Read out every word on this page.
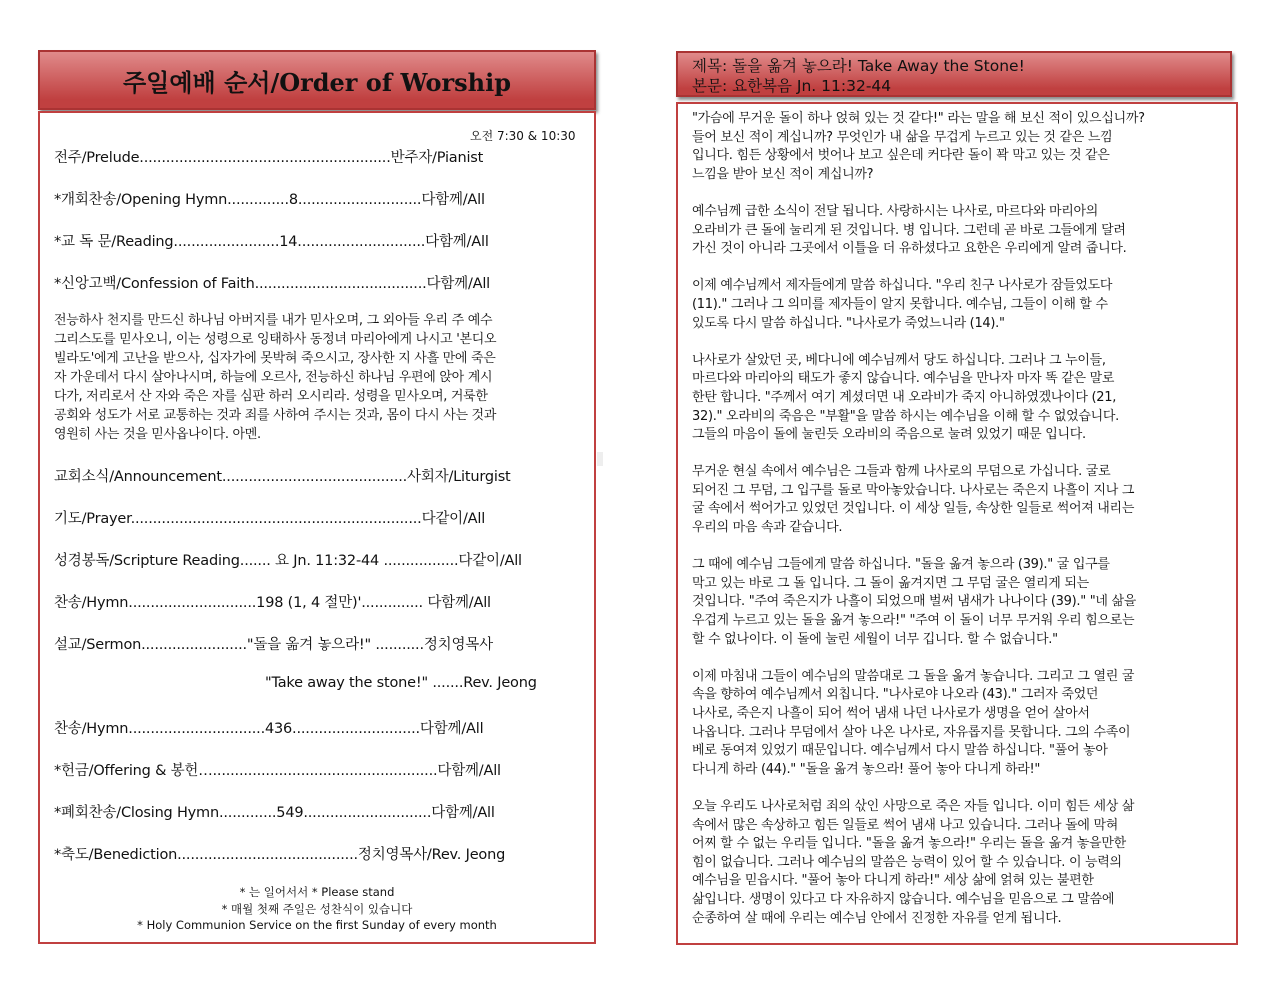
주일예배 순서/Order of Worship
오전 7:30 & 10:30
전주/Prelude.........................................................반주자/Pianist
*개회찬송/Opening Hymn..............8............................다함께/All
*교 독 문/Reading........................14.............................다함께/All
*신앙고백/Confession of Faith.......................................다함께/All

전능하사 천지를 만드신 하나님 아버지를 내가 믿사오며, 그 외아들 우리 주 예수

그리스도를 믿사오니, 이는 성령으로 잉태하사 동정녀 마리아에게 나시고 '본디오

빌라도'에게 고난을 받으사, 십자가에 못박혀 죽으시고, 장사한 지 사흘 만에 죽은

자 가운데서 다시 살아나시며, 하늘에 오르사, 전능하신 하나님 우편에 앉아 계시

다가, 저리로서 산 자와 죽은 자를 심판 하러 오시리라. 성령을 믿사오며, 거룩한

공회와 성도가 서로 교통하는 것과 죄를 사하여 주시는 것과, 몸이 다시 사는 것과

영원히 사는 것을 믿사옵나이다. 아멘.

교회소식/Announcement..........................................사회자/Liturgist
기도/Prayer..................................................................다같이/All
성경봉독/Scripture Reading....... 요 Jn. 11:32-44 .................다같이/All
찬송/Hymn.............................198 (1, 4 절만)'.............. 다함께/All
설교/Sermon........................"돌을 옮겨 놓으라!" ...........정치영목사
"Take away the stone!" .......Rev. Jeong
찬송/Hymn...............................436.............................다함께/All
*헌금/Offering & 봉헌…...................................................다함께/All
*폐회찬송/Closing Hymn.............549.............................다함께/All
*축도/Benediction.........................................정치영목사/Rev. Jeong
* 는 일어서서 * Please stand
* 매월 첫째 주일은 성찬식이 있습니다
* Holy Communion Service on the first Sunday of every month
제목: 돌을 옮겨 놓으라! Take Away the Stone!
본문: 요한복음 Jn. 11:32-44

"가슴에 무거운 돌이 하나 얹혀 있는 것 같다!" 라는 말을 해 보신 적이 있으십니까?
들어 보신 적이 계십니까? 무엇인가 내 삶을 무겁게 누르고 있는 것 같은 느낌
입니다. 힘든 상황에서 벗어나 보고 싶은데 커다란 돌이 꽉 막고 있는 것 같은
느낌을 받아 보신 적이 계십니까?

예수님께 급한 소식이 전달 됩니다. 사랑하시는 나사로, 마르다와 마리아의
오라비가 큰 돌에 눌리게 된 것입니다. 병 입니다. 그런데 곧 바로 그들에게 달려
가신 것이 아니라 그곳에서 이틀을 더 유하셨다고 요한은 우리에게 알려 줍니다.

이제 예수님께서 제자들에게 말씀 하십니다. "우리 친구 나사로가 잠들었도다
(11)." 그러나 그 의미를 제자들이 알지 못합니다. 예수님, 그들이 이해 할 수
있도록 다시 말씀 하십니다. "나사로가 죽었느니라 (14)."

나사로가 살았던 곳, 베다니에 예수님께서 당도 하십니다. 그러나 그 누이들,
마르다와 마리아의 태도가 좋지 않습니다. 예수님을 만나자 마자 똑 같은 말로
한탄 합니다. "주께서 여기 계셨더면 내 오라비가 죽지 아니하였겠나이다 (21,
32)." 오라비의 죽음은 "부활"을 말씀 하시는 예수님을 이해 할 수 없었습니다.
그들의 마음이 돌에 눌린듯 오라비의 죽음으로 눌려 있었기 때문 입니다.

무거운 현실 속에서 예수님은 그들과 함께 나사로의 무덤으로 가십니다. 굴로
되어진 그 무덤, 그 입구를 돌로 막아놓았습니다. 나사로는 죽은지 나흘이 지나 그
굴 속에서 썩어가고 있었던 것입니다. 이 세상 일들, 속상한 일들로 썩어져 내리는
우리의 마음 속과 같습니다.

그 때에 예수님 그들에게 말씀 하십니다. "돌을 옮겨 놓으라 (39)." 굴 입구를
막고 있는 바로 그 돌 입니다. 그 돌이 옮겨지면 그 무덤 굴은 열리게 되는
것입니다. "주여 죽은지가 나흘이 되었으매 벌써 냄새가 나나이다 (39)." "네 삶을
우겁게 누르고 있는 돌을 옮겨 놓으라!" "주여 이 돌이 너무 무거워 우리 힘으로는
할 수 없나이다. 이 돌에 눌린 세월이 너무 깁니다. 할 수 없습니다."

이제 마침내 그들이 예수님의 말씀대로 그 돌을 옮겨 놓습니다. 그리고 그 열린 굴
속을 향하여 예수님께서 외칩니다. "나사로야 나오라 (43)." 그러자 죽었던
나사로, 죽은지 나흘이 되어 썩어 냄새 나던 나사로가 생명을 얻어 살아서
나옵니다. 그러나 무덤에서 살아 나온 나사로, 자유롭지를 못합니다. 그의 수족이
베로 동여져 있었기 때문입니다. 예수님께서 다시 말씀 하십니다. "풀어 놓아
다니게 하라 (44)." "돌을 옮겨 놓으라! 풀어 놓아 다니게 하라!"

오늘 우리도 나사로처럼 죄의 삯인 사망으로 죽은 자들 입니다. 이미 힘든 세상 삶
속에서 많은 속상하고 힘든 일들로 썩어 냄새 나고 있습니다. 그러나 돌에 막혀
어찌 할 수 없는 우리들 입니다. "돌을 옮겨 놓으라!" 우리는 돌을 옮겨 놓을만한
힘이 없습니다. 그러나 예수님의 말씀은 능력이 있어 할 수 있습니다. 이 능력의
예수님을 믿읍시다. "풀어 놓아 다니게 하라!" 세상 삶에 얽혀 있는 불편한
삶입니다. 생명이 있다고 다 자유하지 않습니다. 예수님을 믿음으로 그 말씀에
순종하여 살 때에 우리는 예수님 안에서 진정한 자유를 얻게 됩니다.
